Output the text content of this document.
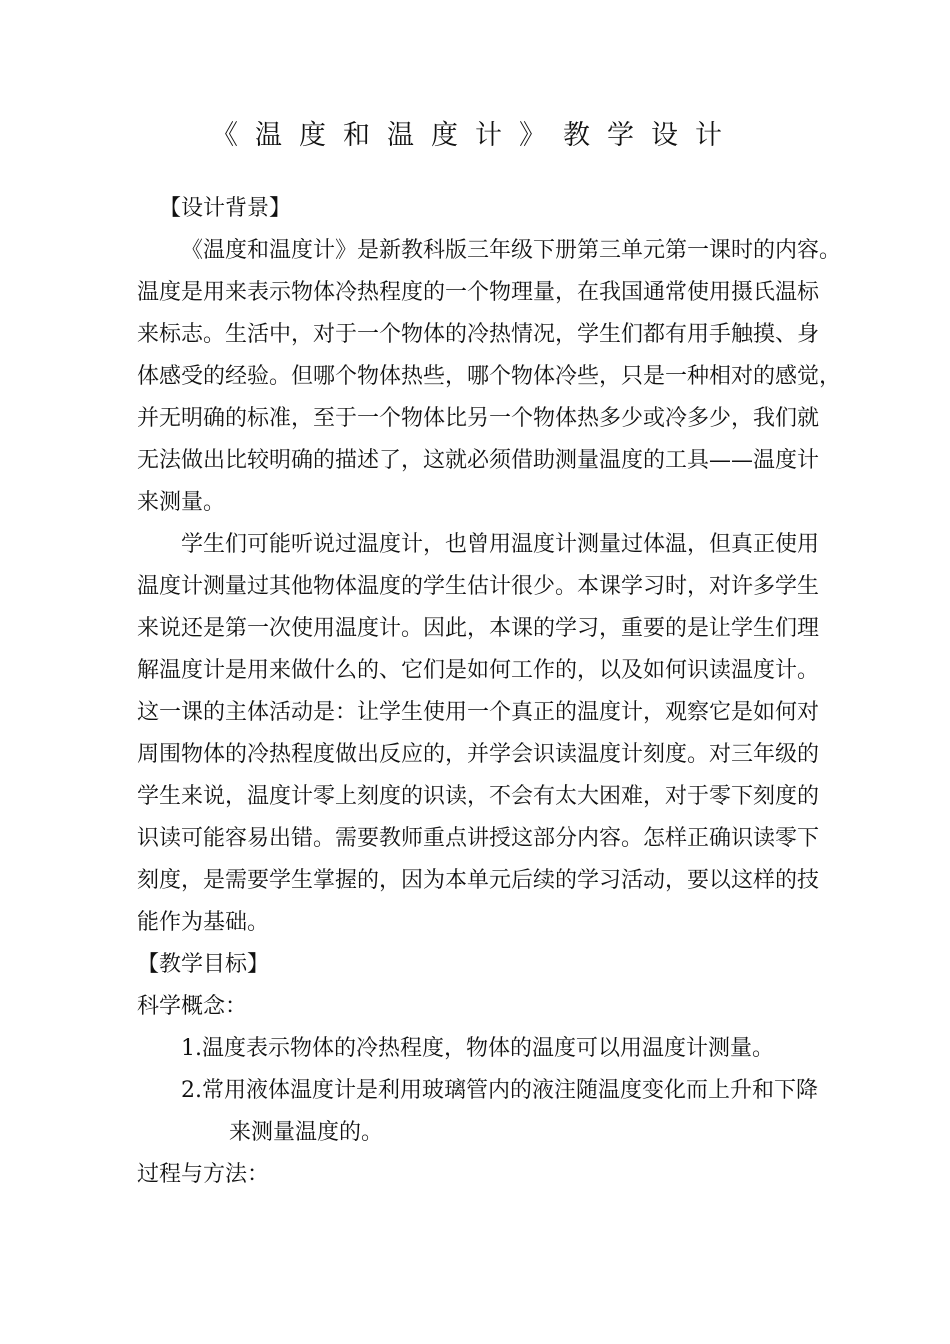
《温度和温度计》教学设计
【设计背景】
《温度和温度计》是新教科版三年级下册第三单元第一课时的内容。
温度是用来表示物体冷热程度的一个物理量，在我国通常使用摄氏温标
来标志。生活中，对于一个物体的冷热情况，学生们都有用手触摸、身
体感受的经验。但哪个物体热些，哪个物体冷些，只是一种相对的感觉，
并无明确的标准，至于一个物体比另一个物体热多少或冷多少，我们就
无法做出比较明确的描述了，这就必须借助测量温度的工具——温度计
来测量。
学生们可能听说过温度计，也曾用温度计测量过体温，但真正使用
温度计测量过其他物体温度的学生估计很少。本课学习时，对许多学生
来说还是第一次使用温度计。因此，本课的学习，重要的是让学生们理
解温度计是用来做什么的、它们是如何工作的，以及如何识读温度计。
这一课的主体活动是：让学生使用一个真正的温度计，观察它是如何对
周围物体的冷热程度做出反应的，并学会识读温度计刻度。对三年级的
学生来说，温度计零上刻度的识读，不会有太大困难，对于零下刻度的
识读可能容易出错。需要教师重点讲授这部分内容。怎样正确识读零下
刻度，是需要学生掌握的，因为本单元后续的学习活动，要以这样的技
能作为基础。
【教学目标】
科学概念：
1.温度表示物体的冷热程度，物体的温度可以用温度计测量。
2.常用液体温度计是利用玻璃管内的液注随温度变化而上升和下降
来测量温度的。
过程与方法：
